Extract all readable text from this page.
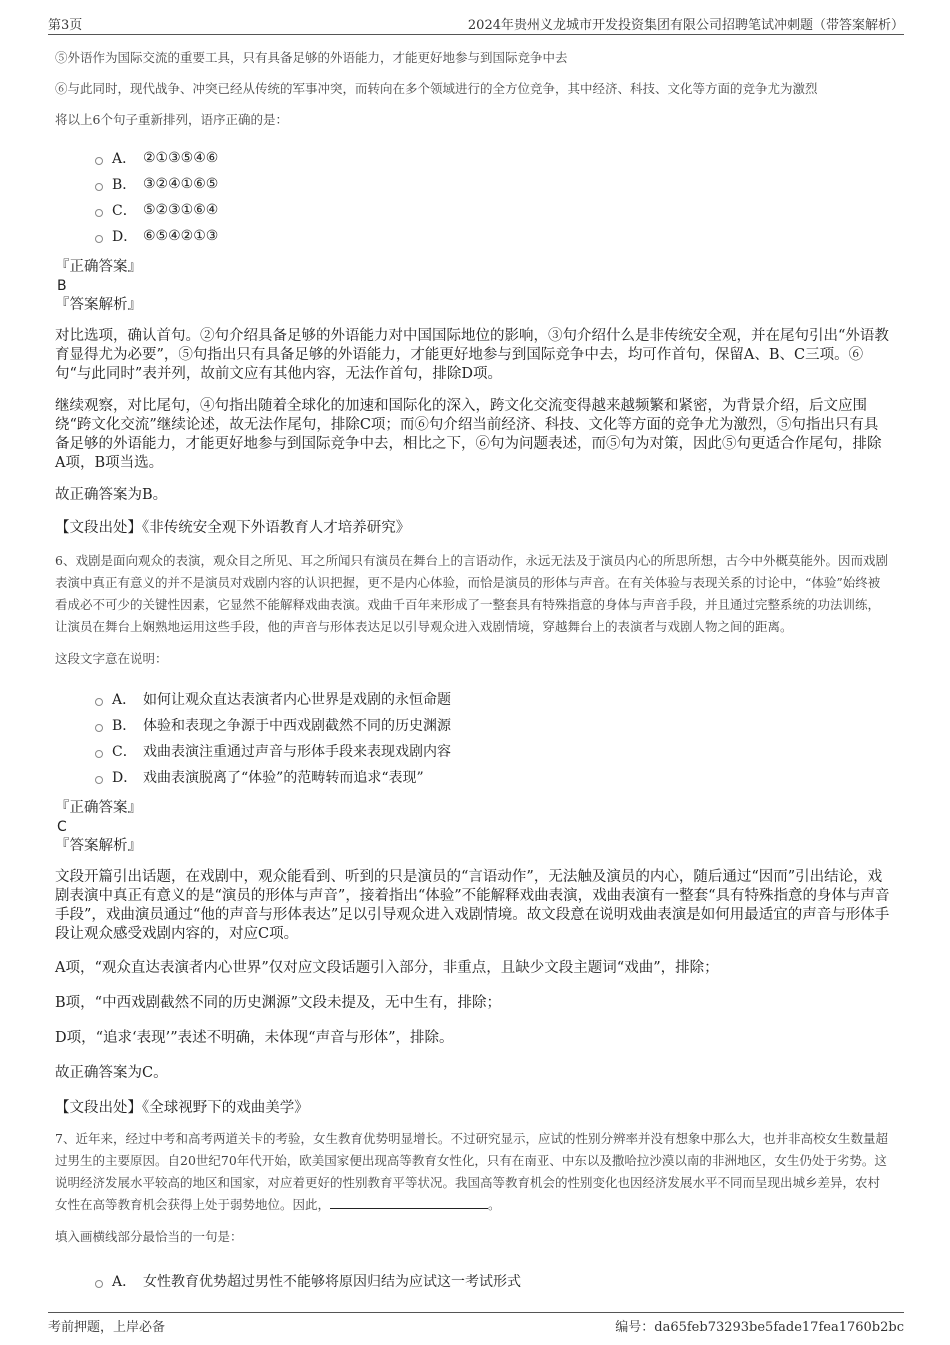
第3页	2024年贵州义龙城市开发投资集团有限公司招聘笔试冲刺题（带答案解析）

⑤外语作为国际交流的重要工具，只有具备足够的外语能力，才能更好地参与到国际竞争中去

⑥与此同时，现代战争、冲突已经从传统的军事冲突，而转向在多个领域进行的全方位竞争，其中经济、科技、文化等方面的竞争尤为激烈

将以上6个句子重新排列，语序正确的是：

A． ②①③⑤④⑥
B． ③②④①⑥⑤
C． ⑤②③①⑥④
D． ⑥⑤④②①③

『正确答案』

B

『答案解析』

对比选项，确认首句。②句介绍具备足够的外语能力对中国国际地位的影响，③句介绍什么是非传统安全观，并在尾句引出“外语教育显得尤为必要”，⑤句指出只有具备足够的外语能力，才能更好地参与到国际竞争中去，均可作首句，保留A、B、C三项。⑥句“与此同时”表并列，故前文应有其他内容，无法作首句，排除D项。

继续观察，对比尾句，④句指出随着全球化的加速和国际化的深入，跨文化交流变得越来越频繁和紧密，为背景介绍，后文应围绕“跨文化交流”继续论述，故无法作尾句，排除C项；而⑥句介绍当前经济、科技、文化等方面的竞争尤为激烈，⑤句指出只有具备足够的外语能力，才能更好地参与到国际竞争中去，相比之下，⑥句为问题表述，而⑤句为对策，因此⑤句更适合作尾句，排除A项，B项当选。

故正确答案为B。

【文段出处】《非传统安全观下外语教育人才培养研究》

6、戏剧是面向观众的表演，观众目之所见、耳之所闻只有演员在舞台上的言语动作，永远无法及于演员内心的所思所想，古今中外概莫能外。因而戏剧表演中真正有意义的并不是演员对戏剧内容的认识把握，更不是内心体验，而恰是演员的形体与声音。在有关体验与表现关系的讨论中，“体验”始终被看成必不可少的关键性因素，它显然不能解释戏曲表演。戏曲千百年来形成了一整套具有特殊指意的身体与声音手段，并且通过完整系统的功法训练，让演员在舞台上娴熟地运用这些手段，他的声音与形体表达足以引导观众进入戏剧情境，穿越舞台上的表演者与戏剧人物之间的距离。

这段文字意在说明：

A． 如何让观众直达表演者内心世界是戏剧的永恒命题
B． 体验和表现之争源于中西戏剧截然不同的历史渊源
C． 戏曲表演注重通过声音与形体手段来表现戏剧内容
D． 戏曲表演脱离了“体验”的范畴转而追求“表现”

『正确答案』

C

『答案解析』

文段开篇引出话题，在戏剧中，观众能看到、听到的只是演员的“言语动作”，无法触及演员的内心，随后通过“因而”引出结论，戏剧表演中真正有意义的是“演员的形体与声音”，接着指出“体验”不能解释戏曲表演，戏曲表演有一整套“具有特殊指意的身体与声音手段”，戏曲演员通过“他的声音与形体表达”足以引导观众进入戏剧情境。故文段意在说明戏曲表演是如何用最适宜的声音与形体手段让观众感受戏剧内容的，对应C项。

A项，“观众直达表演者内心世界”仅对应文段话题引入部分，非重点，且缺少文段主题词“戏曲”，排除；

B项，“中西戏剧截然不同的历史渊源”文段未提及，无中生有，排除；

D项，“追求‘表现’”表述不明确，未体现“声音与形体”，排除。

故正确答案为C。

【文段出处】《全球视野下的戏曲美学》

7、近年来，经过中考和高考两道关卡的考验，女生教育优势明显增长。不过研究显示，应试的性别分辨率并没有想象中那么大，也并非高校女生数量超过男生的主要原因。自20世纪70年代开始，欧美国家便出现高等教育女性化，只有在南亚、中东以及撒哈拉沙漠以南的非洲地区，女生仍处于劣势。这说明经济发展水平较高的地区和国家，对应着更好的性别教育平等状况。我国高等教育机会的性别变化也因经济发展水平不同而呈现出城乡差异，农村女性在高等教育机会获得上处于弱势地位。因此，	。

填入画横线部分最恰当的一句是：

A． 女性教育优势超过男性不能够将原因归结为应试这一考试形式
考前押题，上岸必备	编号：da65feb73293be5fade17fea1760b2bc
